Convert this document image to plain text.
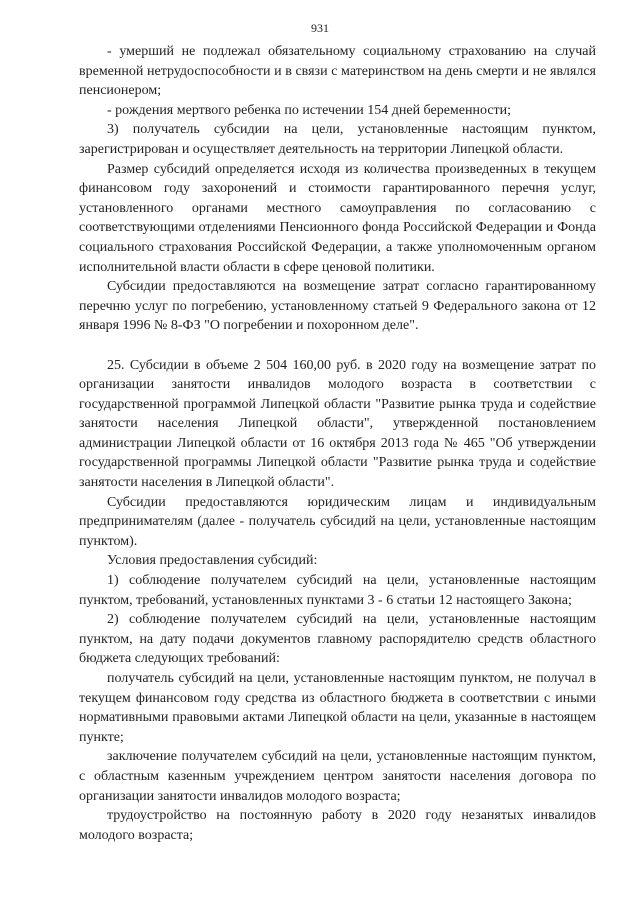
931

- умерший не подлежал обязательному социальному страхованию на случай временной нетрудоспособности и в связи с материнством на день смерти и не являлся пенсионером;

- рождения мертвого ребенка по истечении 154 дней беременности;

3) получатель субсидии на цели, установленные настоящим пунктом, зарегистрирован и осуществляет деятельность на территории Липецкой области.

Размер субсидий определяется исходя из количества произведенных в текущем финансовом году захоронений и стоимости гарантированного перечня услуг, установленного органами местного самоуправления по согласованию с соответствующими отделениями Пенсионного фонда Российской Федерации и Фонда социального страхования Российской Федерации, а также уполномоченным органом исполнительной власти области в сфере ценовой политики.

Субсидии предоставляются на возмещение затрат согласно гарантированному перечню услуг по погребению, установленному статьей 9 Федерального закона от 12 января 1996 № 8-ФЗ "О погребении и похоронном деле".

25. Субсидии в объеме 2 504 160,00 руб. в 2020 году на возмещение затрат по организации занятости инвалидов молодого возраста в соответствии с государственной программой Липецкой области "Развитие рынка труда и содействие занятости населения Липецкой области", утвержденной постановлением администрации Липецкой области от 16 октября 2013 года № 465 "Об утверждении государственной программы Липецкой области "Развитие рынка труда и содействие занятости населения в Липецкой области".

Субсидии предоставляются юридическим лицам и индивидуальным предпринимателям (далее - получатель субсидий на цели, установленные настоящим пунктом).

Условия предоставления субсидий:

1) соблюдение получателем субсидий на цели, установленные настоящим пунктом, требований, установленных пунктами 3 - 6 статьи 12 настоящего Закона;

2) соблюдение получателем субсидий на цели, установленные настоящим пунктом, на дату подачи документов главному распорядителю средств областного бюджета следующих требований:

получатель субсидий на цели, установленные настоящим пунктом, не получал в текущем финансовом году средства из областного бюджета в соответствии с иными нормативными правовыми актами Липецкой области на цели, указанные в настоящем пункте;

заключение получателем субсидий на цели, установленные настоящим пунктом, с областным казенным учреждением центром занятости населения договора по организации занятости инвалидов молодого возраста;

трудоустройство на постоянную работу в 2020 году незанятых инвалидов молодого возраста;
